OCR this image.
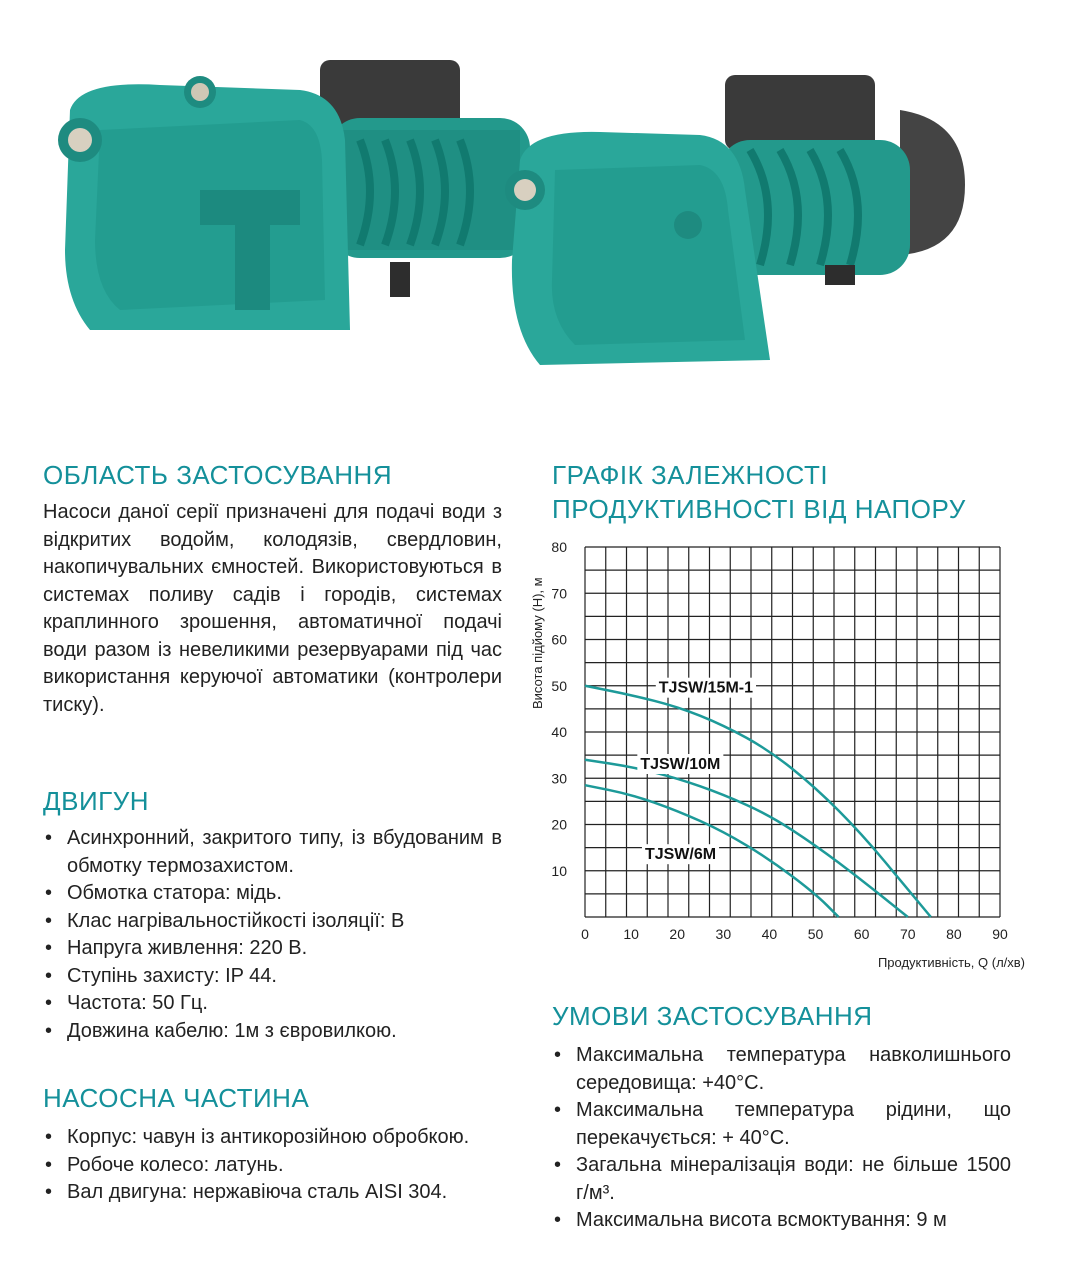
ОБЛАСТЬ ЗАСТОСУВАННЯ

Насоси даної серії призначені для подачі води з відкритих водойм, колодязів, свердловин, накопичувальних ємностей. Використовуються в системах поливу садів і городів, системах краплинного зрошення, автоматичної подачі води разом із невеликими резервуарами під час використання керуючої автоматики (контролери тиску).

ДВИГУН
• Асинхронний, закритого типу, із вбудованим в обмотку термозахистом.
• Обмотка статора: мідь.
• Клас нагрівальностійкості ізоляції: B
• Напруга живлення: 220 В.
• Ступінь захисту: IP 44.
• Частота: 50 Гц.
• Довжина кабелю: 1м з євровилкою.
НАСОСНА ЧАСТИНА
• Корпус: чавун із антикорозійною обробкою.
• Робоче колесо: латунь.
• Вал двигуна: нержавіюча сталь AISI 304.
ГРАФІК ЗАЛЕЖНОСТІ
ПРОДУКТИВНОСТІ ВІД НАПОРУ
0 10 20 30 40 50 60 70 80 90
10
20
30
40
50
60
70
80
Продуктивність, Q (л/хв)
Висота підйому (H), м	TJSW/15M-1
TJSW/10M
TJSW/6M
УМОВИ ЗАСТОСУВАННЯ
• Максимальна температура навколишнього середовища: +40°C.
• Максимальна температура рідини, що перекачується: + 40°C.
• Загальна мінералізація води: не більше 1500 г/м³.
• Максимальна висота всмоктування: 9 м
